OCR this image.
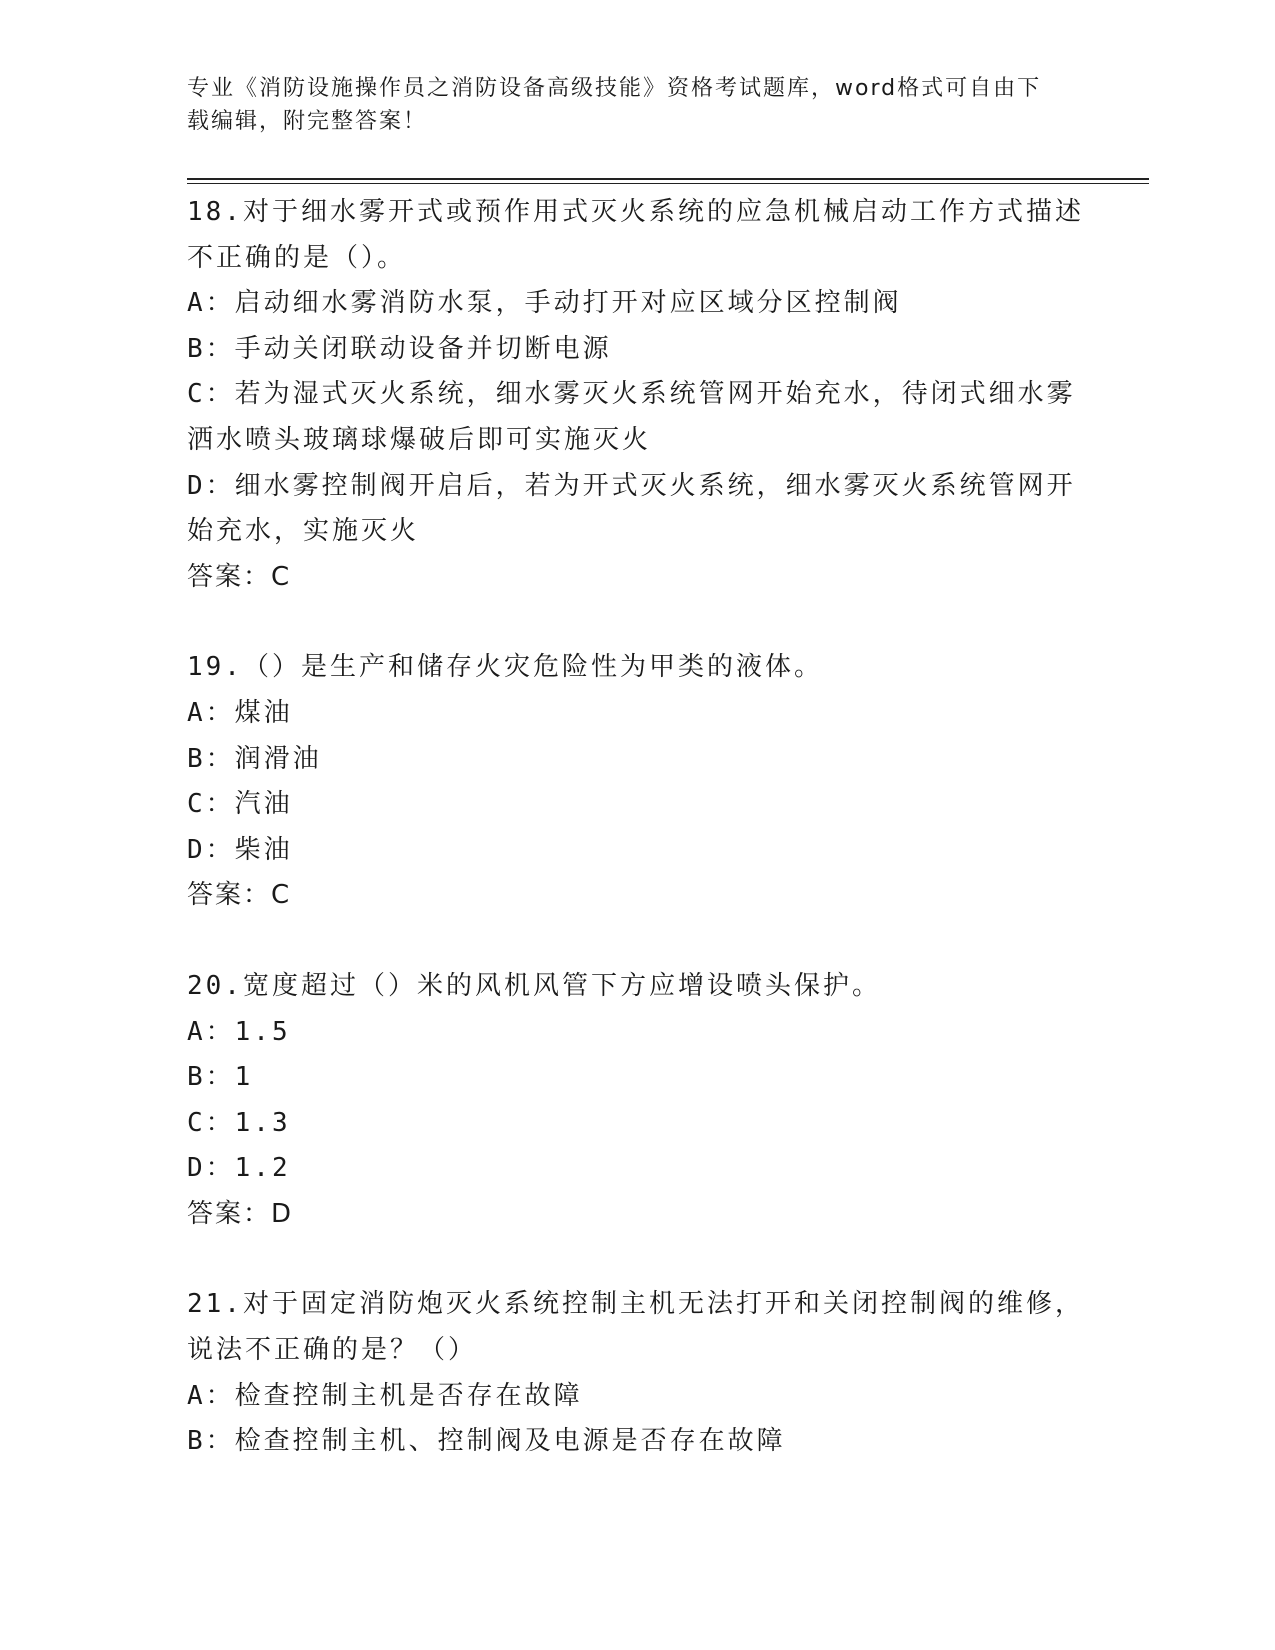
专业《消防设施操作员之消防设备高级技能》资格考试题库，word格式可自由下
载编辑，附完整答案！

18.对于细水雾开式或预作用式灭火系统的应急机械启动工作方式描述

不正确的是（）。

A：启动细水雾消防水泵，手动打开对应区域分区控制阀

B：手动关闭联动设备并切断电源

C：若为湿式灭火系统，细水雾灭火系统管网开始充水，待闭式细水雾

洒水喷头玻璃球爆破后即可实施灭火

D：细水雾控制阀开启后，若为开式灭火系统，细水雾灭火系统管网开

始充水，实施灭火

答案：C

19.（）是生产和储存火灾危险性为甲类的液体。

A：煤油

B：润滑油

C：汽油

D：柴油

答案：C

20.宽度超过（）米的风机风管下方应增设喷头保护。

A：1.5

B：1

C：1.3

D：1.2

答案：D

21.对于固定消防炮灭火系统控制主机无法打开和关闭控制阀的维修，

说法不正确的是？（）

A：检查控制主机是否存在故障

B：检查控制主机、控制阀及电源是否存在故障
